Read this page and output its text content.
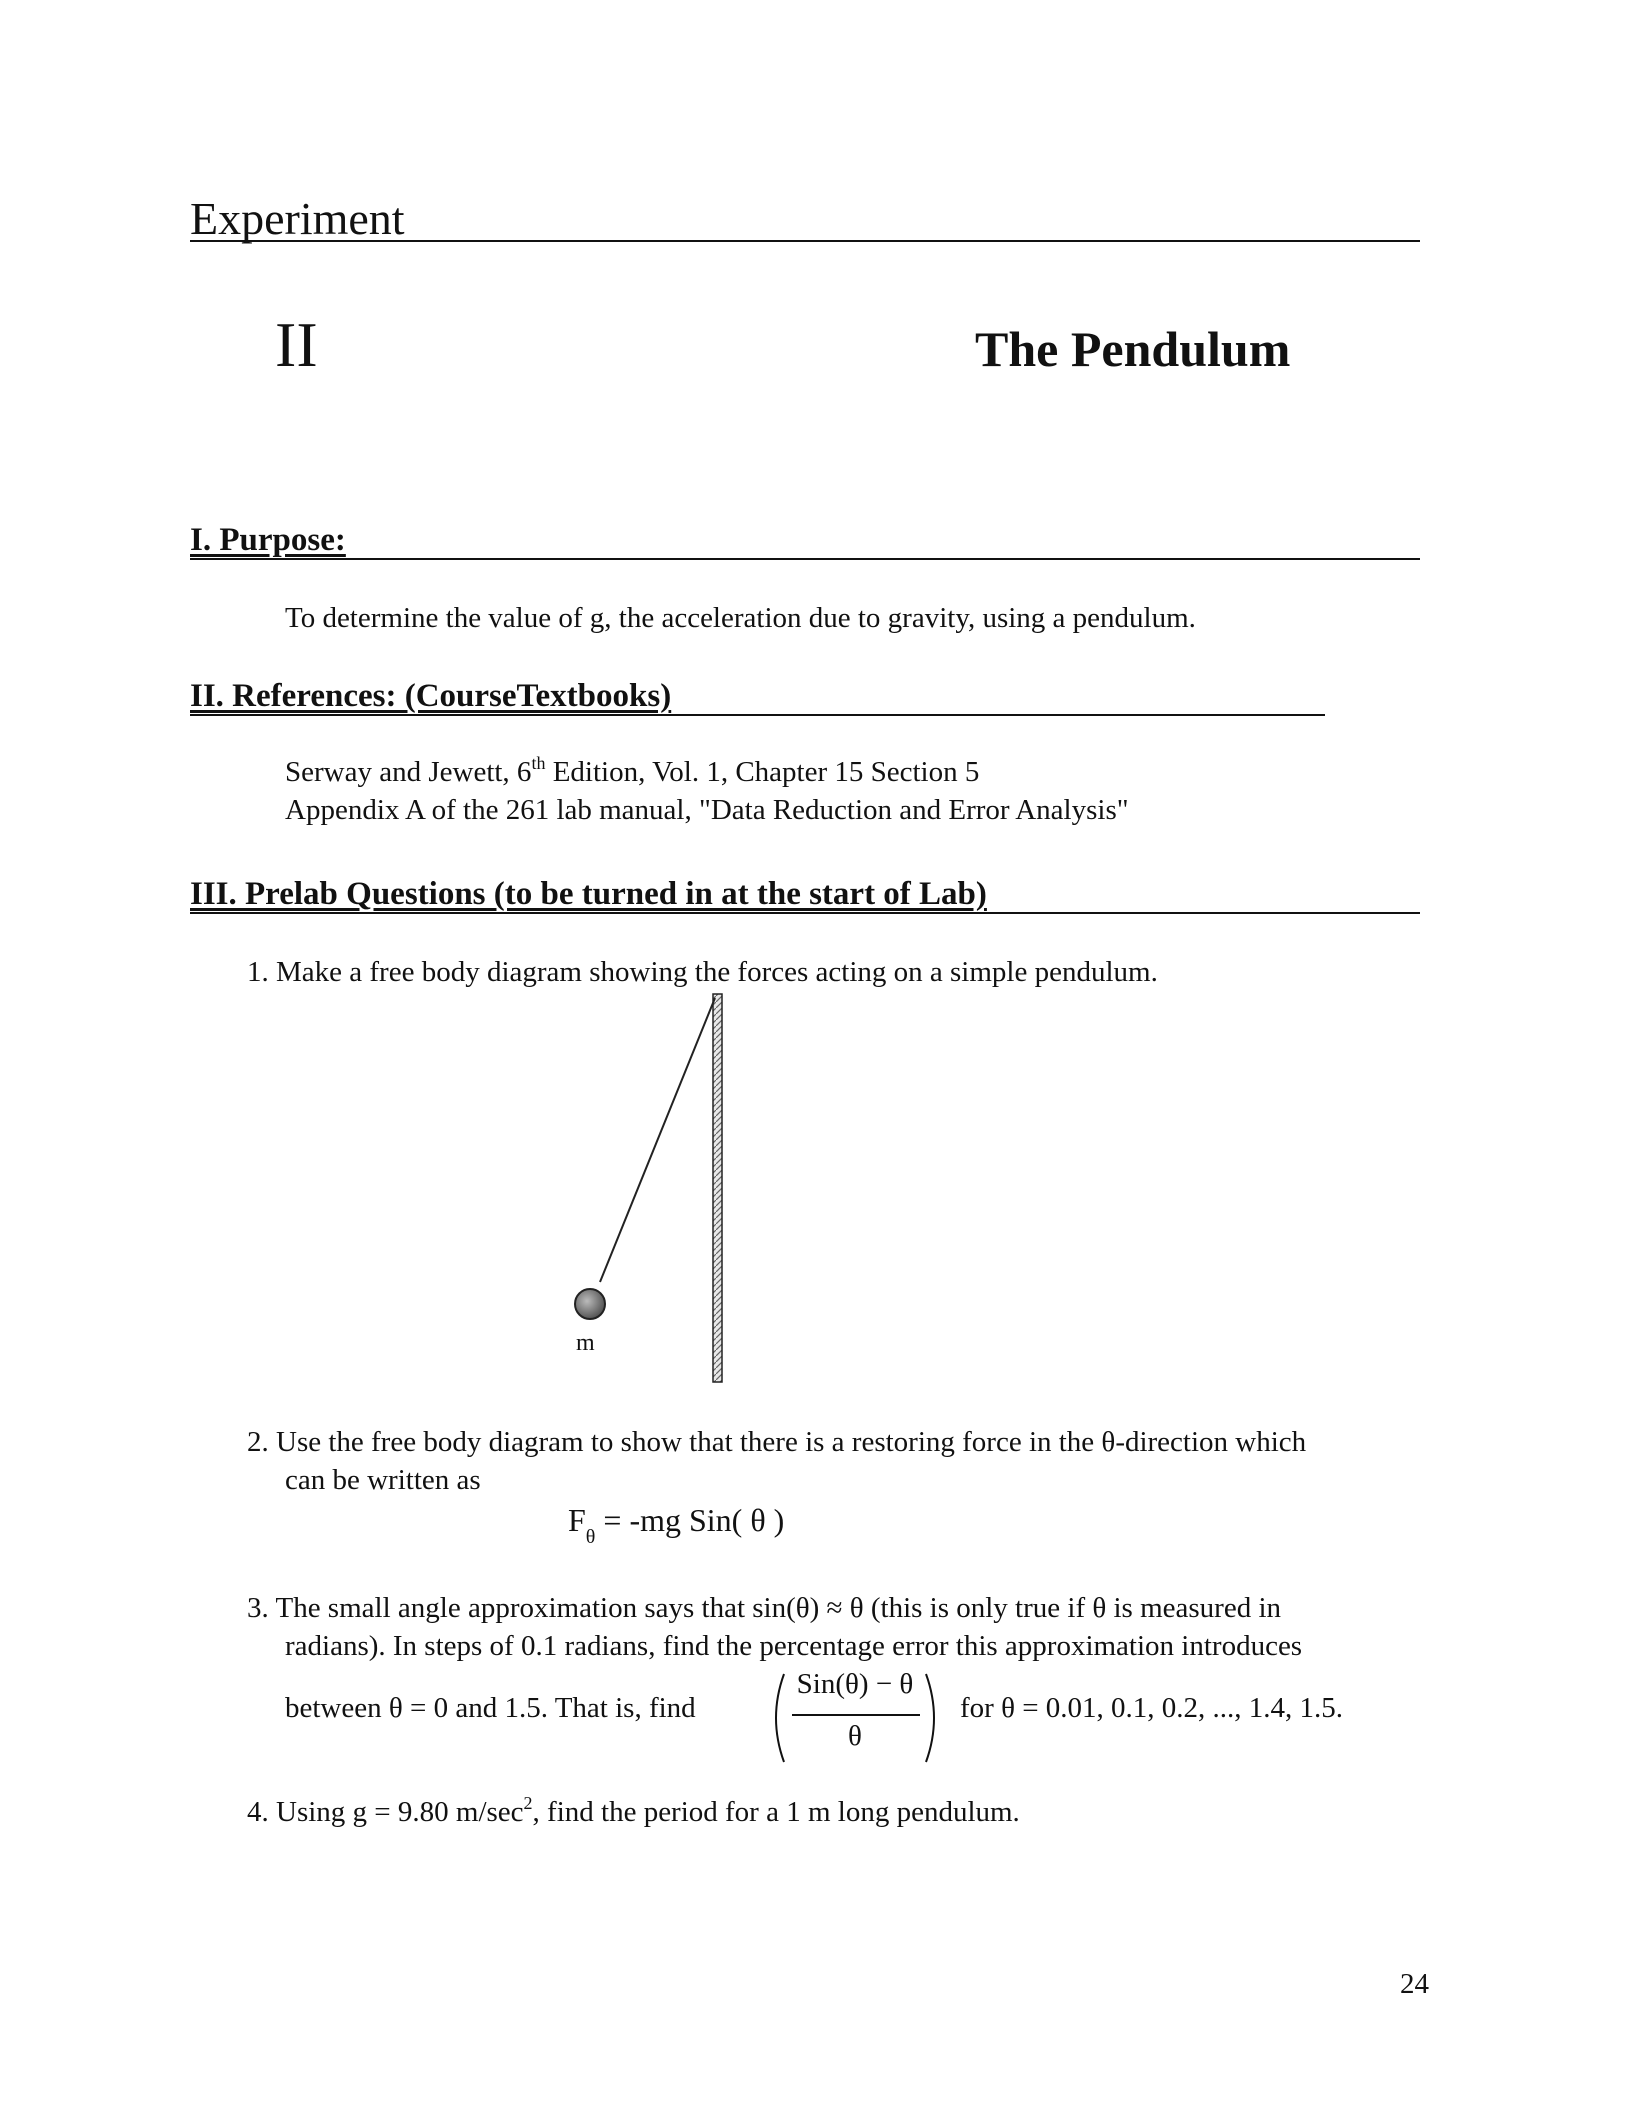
Experiment
II	The Pendulum
I. Purpose:
To determine the value of g, the acceleration due to gravity, using a pendulum.
II. References: (CourseTextbooks)
Serway and Jewett, 6th Edition, Vol. 1, Chapter 15 Section 5
Appendix A of the 261 lab manual, "Data Reduction and Error Analysis"
III. Prelab Questions (to be turned in at the start of Lab)
1. Make a free body diagram showing the forces acting on a simple pendulum.
m
2. Use the free body diagram to show that there is a restoring force in the θ-direction which
can be written as
$F_\theta = -mg$ Sin( θ )
3. The small angle approximation says that sin(θ) ≈ θ (this is only true if θ is measured in
radians). In steps of 0.1 radians, find the percentage error this approximation introduces
between θ = 0 and 1.5. That is, find
Sin(θ) − θ
θ
for θ = 0.01, 0.1, 0.2, ..., 1.4, 1.5.
4. Using g = 9.80 $m/\sec^2$, find the period for a 1 m long pendulum.
24
